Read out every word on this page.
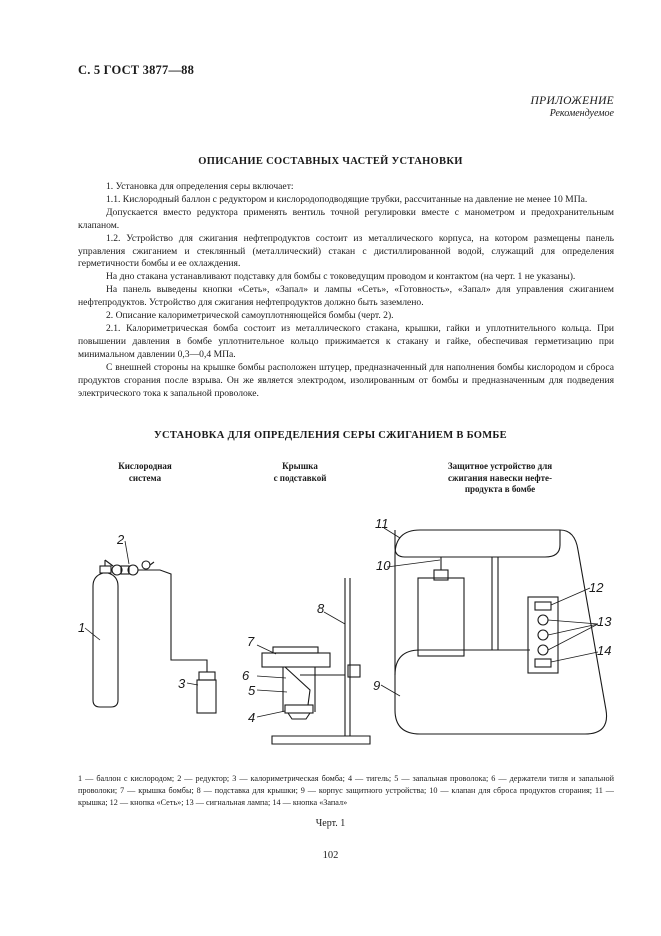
С. 5 ГОСТ 3877—88
ПРИЛОЖЕНИЕ
Рекомендуемое
ОПИСАНИЕ СОСТАВНЫХ ЧАСТЕЙ УСТАНОВКИ

1. Установка для определения серы включает:

1.1. Кислородный баллон с редуктором и кислородоподводящие трубки, рассчитанные на давление не менее 10 МПа.

Допускается вместо редуктора применять вентиль точной регулировки вместе с манометром и предохранительным клапаном.

1.2. Устройство для сжигания нефтепродуктов состоит из металлического корпуса, на котором размещены панель управления сжиганием и стеклянный (металлический) стакан с дистиллированной водой, служащий для определения герметичности бомбы и ее охлаждения.

На дно стакана устанавливают подставку для бомбы с токоведущим проводом и контактом (на черт. 1 не указаны).

На панель выведены кнопки «Сеть», «Запал» и лампы «Сеть», «Готовность», «Запал» для управления сжиганием нефтепродуктов. Устройство для сжигания нефтепродуктов должно быть заземлено.

2. Описание калориметрической самоуплотняющейся бомбы (черт. 2).

2.1. Калориметрическая бомба состоит из металлического стакана, крышки, гайки и уплотнительного кольца. При повышении давления в бомбе уплотнительное кольцо прижимается к стакану и гайке, обеспечивая герметизацию при минимальном давлении 0,3—0,4 МПа.

С внешней стороны на крышке бомбы расположен штуцер, предназначенный для наполнения бомбы кислородом и сброса продуктов сгорания после взрыва. Он же является электродом, изолированным от бомбы и предназначенным для подведения электрического тока к запальной проволоке.

УСТАНОВКА ДЛЯ ОПРЕДЕЛЕНИЯ СЕРЫ СЖИГАНИЕМ В БОМБЕ
Кислородная
система
Крышка
с подставкой
Защитное устройство для
сжигания навески нефте-
продукта в бомбе
1
2
3
4
5
6
7
8
9
10
11
12
13
14
1 — баллон с кислородом; 2 — редуктор; 3 — калориметрическая бомба; 4 — тигель; 5 — запальная проволока; 6 — держатели тигля и запальной проволоки; 7 — крышка бомбы; 8 — подставка для крышки; 9 — корпус защитного устройства; 10 — клапан для сброса продуктов сгорания; 11 — крышка; 12 — кнопка «Сеть»; 13 — сигнальная лампа; 14 — кнопка «Запал»
Черт. 1
102
